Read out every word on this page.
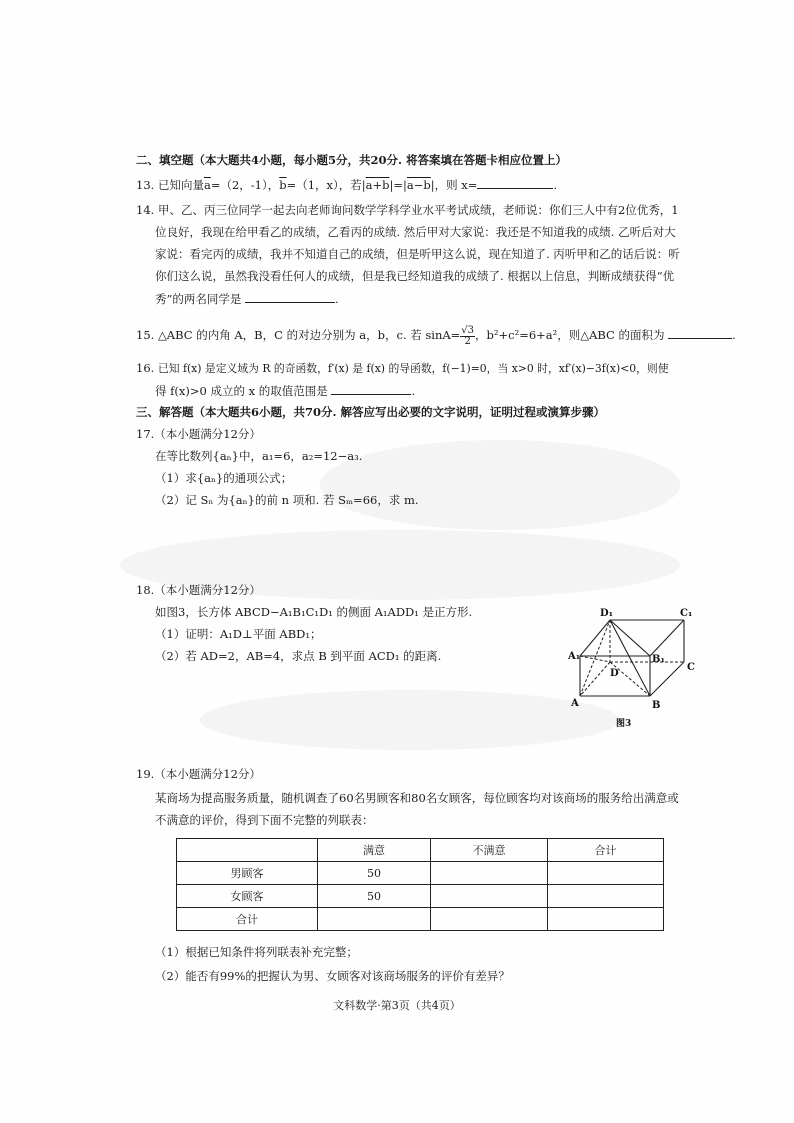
二、填空题（本大题共4小题，每小题5分，共20分. 将答案填在答题卡相应位置上）
13. 已知向量$\overline{a}=(2$，-1），$\overline{b}=(1$，x），若|a+b|=|a−b|，则 x=	.
14. 甲、乙、丙三位同学一起去向老师询问数学学科学业水平考试成绩，老师说：你们三人中有2位优秀，1
位良好，我现在给甲看乙的成绩，乙看丙的成绩. 然后甲对大家说：我还是不知道我的成绩. 乙听后对大
家说：看完丙的成绩，我并不知道自己的成绩，但是听甲这么说，现在知道了. 丙听甲和乙的话后说：听
你们这么说，虽然我没看任何人的成绩，但是我已经知道我的成绩了. 根据以上信息，判断成绩获得“优
秀”的两名同学是	.
15. △ABC 的内角 A，B，C 的对边分别为 a，b，c. 若 $\sin A= \frac{√3}{2}$ ，b²+c²=6+a²，则△ABC 的面积为	.
16. 已知 f(x) 是定义域为 R 的奇函数，f′(x) 是 f(x) 的导函数，f(−1)=0，当 x>0 时，xf′(x)−3f(x)<0，则使
得 f(x)>0 成立的 x 的取值范围是	.
三、解答题（本大题共6小题，共70分. 解答应写出必要的文字说明，证明过程或演算步骤）
17.（本小题满分12分）
在等比数列{aₙ}中，a₁=6，a₂=12−a₃.
（1）求{aₙ}的通项公式；
（2）记 Sₙ 为{aₙ}的前 n 项和. 若 Sₘ=66，求 m.
18.（本小题满分12分）
如图3，长方体 ABCD−A₁B₁C₁D₁ 的侧面 A₁ADD₁ 是正方形.
（1）证明：A₁D⊥平面 ABD₁；
（2）若 AD=2，AB=4，求点 B 到平面 ACD₁ 的距离.
D₁	C₁
A₁	B₁
D
C
A	B
图3
19.（本小题满分12分）
某商场为提高服务质量，随机调查了60名男顾客和80名女顾客，每位顾客均对该商场的服务给出满意或
不满意的评价，得到下面不完整的列联表：
	满意	不满意	合计
男顾客	50		
女顾客	50		
合计			
（1）根据已知条件将列联表补充完整；
（2）能否有99%的把握认为男、女顾客对该商场服务的评价有差异？
文科数学·第3页（共4页）
